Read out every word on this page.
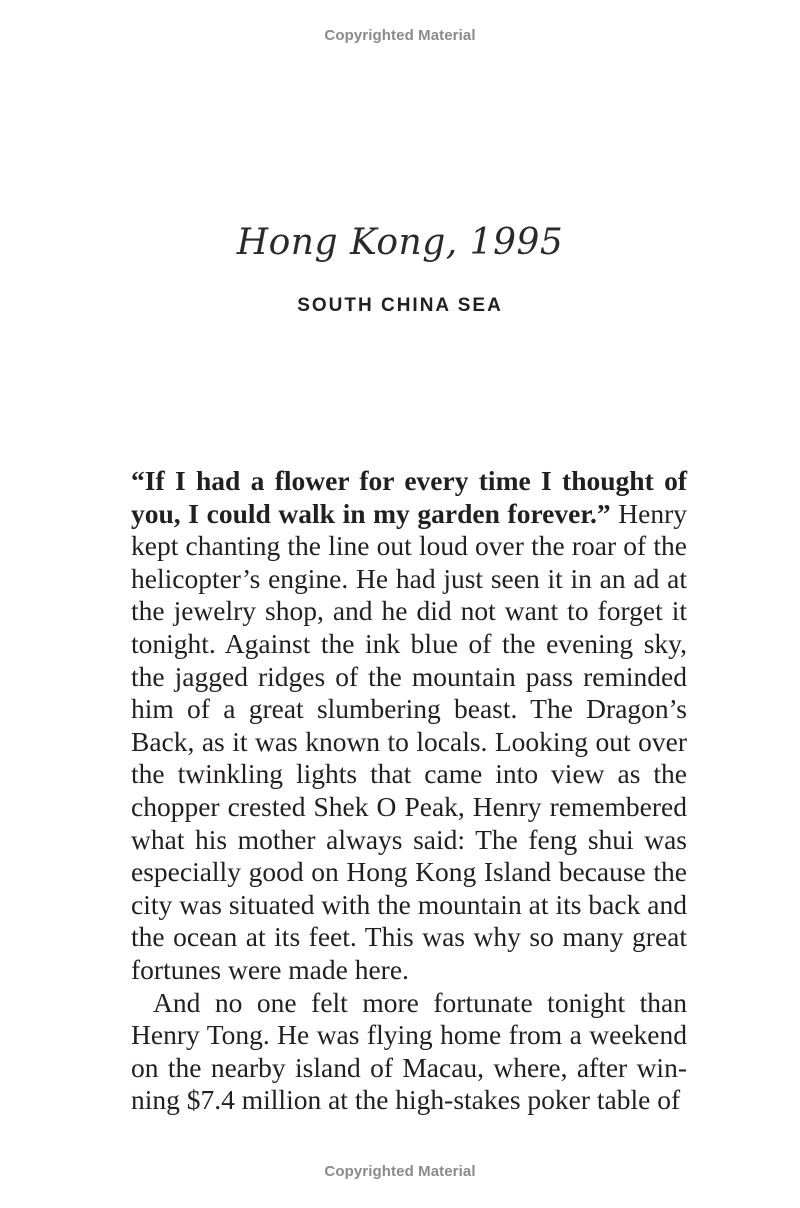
Copyrighted Material
Hong Kong, 1995
SOUTH CHINA SEA

“If I had a flower for every time I thought of you, I could walk in my garden forever.” Henry kept chanting the line out loud over the roar of the helicopter’s engine. He had just seen it in an ad at the jewelry shop, and he did not want to forget it tonight. Against the ink blue of the evening sky, the jagged ridges of the mountain pass reminded him of a great slumbering beast. The Dragon’s Back, as it was known to locals. Looking out over the twinkling lights that came into view as the chopper crested Shek O Peak, Henry remembered what his mother always said: The feng shui was especially good on Hong Kong Island because the city was situated with the mountain at its back and the ocean at its feet. This was why so many great fortunes were made here.

And no one felt more fortunate tonight than Henry Tong. He was flying home from a weekend on the nearby island of Macau, where, after winning $7.4 million at the high-stakes poker table of

Copyrighted Material
